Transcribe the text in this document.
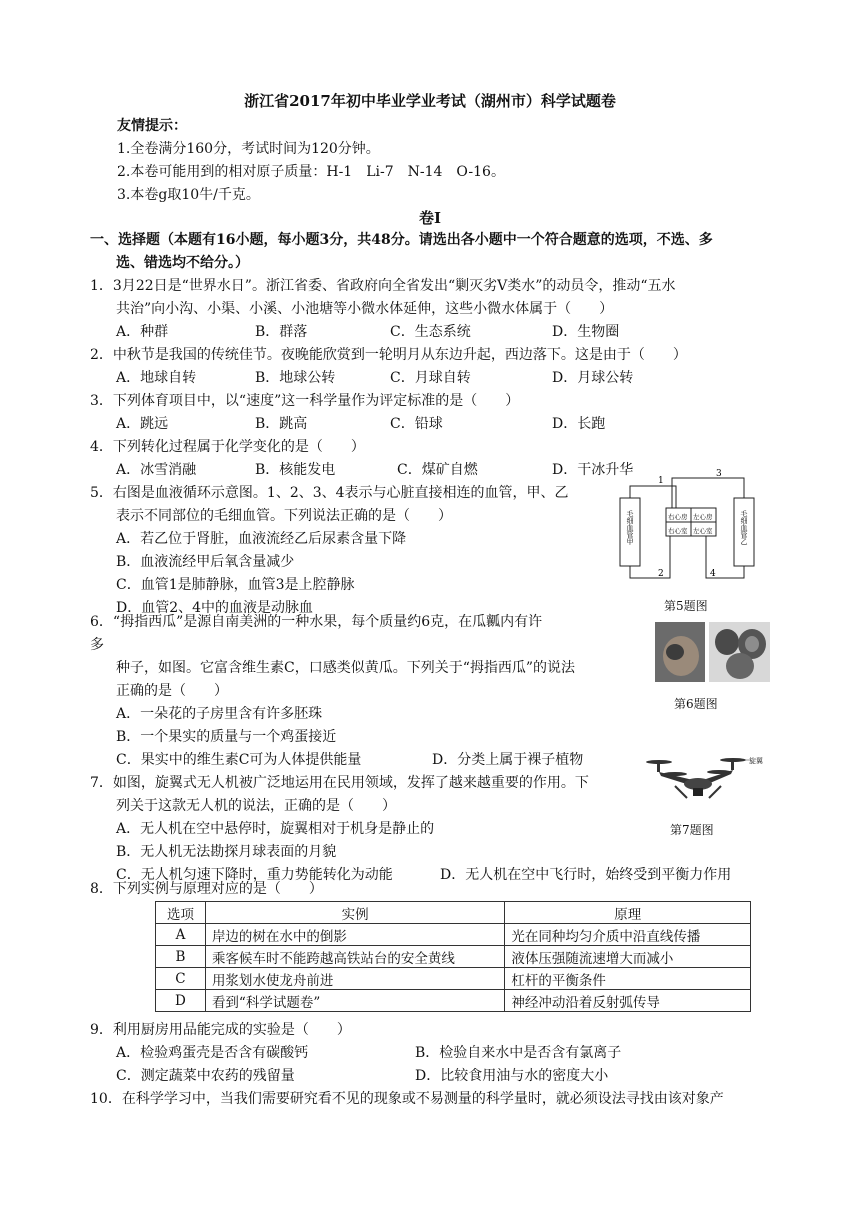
浙江省2017年初中毕业学业考试（湖州市）科学试题卷
友情提示：
1.全卷满分160分，考试时间为120分钟。
2.本卷可能用到的相对原子质量：H-1　Li-7　N-14　O-16。
3.本卷g取10牛/千克。
卷Ⅰ
一、选择题（本题有16小题，每小题3分，共48分。请选出各小题中一个符合题意的选项，不选、多
选、错选均不给分。）
1．3月22日是“世界水日”。浙江省委、省政府向全省发出“剿灭劣Ⅴ类水”的动员令，推动“五水
共治”向小沟、小渠、小溪、小池塘等小微水体延伸，这些小微水体属于（　　）
A．种群	B．群落	C．生态系统	D．生物圈
2．中秋节是我国的传统佳节。夜晚能欣赏到一轮明月从东边升起，西边落下。这是由于（　　）
A．地球自转	B．地球公转	C．月球自转	D．月球公转
3．下列体育项目中，以“速度”这一科学量作为评定标准的是（　　）
A．跳远	B．跳高	C．铅球	D．长跑
4．下列转化过程属于化学变化的是（　　）
A．冰雪消融	B．核能发电	C．煤矿自燃	D．干冰升华
5．右图是血液循环示意图。1、2、3、4表示与心脏直接相连的血管，甲、乙
表示不同部位的毛细血管。下列说法正确的是（　　）
A．若乙位于肾脏，血液流经乙后尿素含量下降
B．血液流经甲后氧含量减少
C．血管1是肺静脉，血管3是上腔静脉
D．血管2、4中的血液是动脉血
1
3
2	4
右心房 左心房
右心室 左心室
毛细血管甲	毛细血管乙
第5题图
6．“拇指西瓜”是源自南美洲的一种水果，每个质量约6克，在瓜瓤内有许
多
种子，如图。它富含维生素C，口感类似黄瓜。下列关于“拇指西瓜”的说法
正确的是（　　）
A．一朵花的子房里含有许多胚珠
B．一个果实的质量与一个鸡蛋接近
C．果实中的维生素C可为人体提供能量	D．分类上属于裸子植物
第6题图
7．如图，旋翼式无人机被广泛地运用在民用领域，发挥了越来越重要的作用。下
列关于这款无人机的说法，正确的是（　　）
A．无人机在空中悬停时，旋翼相对于机身是静止的
B．无人机无法勘探月球表面的月貌
C．无人机匀速下降时，重力势能转化为动能	D．无人机在空中飞行时，始终受到平衡力作用
旋翼
第7题图
8．下列实例与原理对应的是（　　）
选项	实例	原理
A	岸边的树在水中的倒影	光在同种均匀介质中沿直线传播
B	乘客候车时不能跨越高铁站台的安全黄线	液体压强随流速增大而减小
C	用浆划水使龙舟前进	杠杆的平衡条件
D	看到“科学试题卷”	神经冲动沿着反射弧传导
9．利用厨房用品能完成的实验是（　　）
A．检验鸡蛋壳是否含有碳酸钙	B．检验自来水中是否含有氯离子
C．测定蔬菜中农药的残留量	D．比较食用油与水的密度大小
10．在科学学习中，当我们需要研究看不见的现象或不易测量的科学量时，就必须设法寻找由该对象产
